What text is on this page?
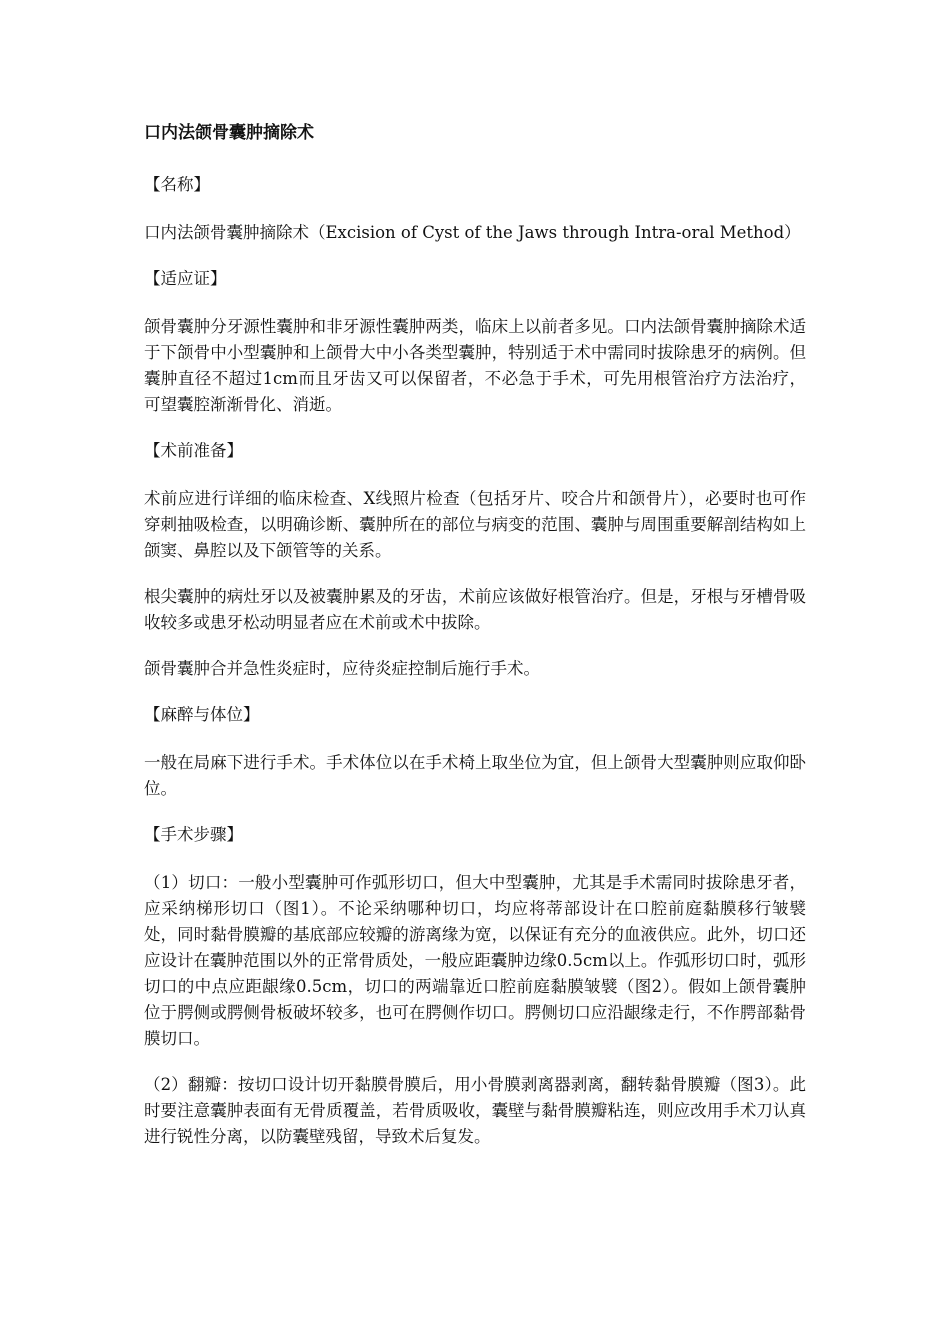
口内法颌骨囊肿摘除术
【名称】
口内法颌骨囊肿摘除术（Excision of Cyst of the Jaws through Intra-oral Method）
【适应证】
颌骨囊肿分牙源性囊肿和非牙源性囊肿两类，临床上以前者多见。口内法颌骨囊肿摘除术适于下颌骨中小型囊肿和上颌骨大中小各类型囊肿，特别适于术中需同时拔除患牙的病例。但囊肿直径不超过1cm而且牙齿又可以保留者，不必急于手术，可先用根管治疗方法治疗，可望囊腔渐渐骨化、消逝。
【术前准备】
术前应进行详细的临床检查、X线照片检查（包括牙片、咬合片和颌骨片），必要时也可作穿刺抽吸检查，以明确诊断、囊肿所在的部位与病变的范围、囊肿与周围重要解剖结构如上颌窦、鼻腔以及下颌管等的关系。
根尖囊肿的病灶牙以及被囊肿累及的牙齿，术前应该做好根管治疗。但是，牙根与牙槽骨吸收较多或患牙松动明显者应在术前或术中拔除。
颌骨囊肿合并急性炎症时，应待炎症控制后施行手术。
【麻醉与体位】
一般在局麻下进行手术。手术体位以在手术椅上取坐位为宜，但上颌骨大型囊肿则应取仰卧位。
【手术步骤】
（1）切口：一般小型囊肿可作弧形切口，但大中型囊肿，尤其是手术需同时拔除患牙者，应采纳梯形切口（图1）。不论采纳哪种切口，均应将蒂部设计在口腔前庭黏膜移行皱襞处，同时黏骨膜瓣的基底部应较瓣的游离缘为宽，以保证有充分的血液供应。此外，切口还应设计在囊肿范围以外的正常骨质处，一般应距囊肿边缘0.5cm以上。作弧形切口时，弧形切口的中点应距龈缘0.5cm，切口的两端靠近口腔前庭黏膜皱襞（图2）。假如上颌骨囊肿位于腭侧或腭侧骨板破坏较多，也可在腭侧作切口。腭侧切口应沿龈缘走行，不作腭部黏骨膜切口。
（2）翻瓣：按切口设计切开黏膜骨膜后，用小骨膜剥离器剥离，翻转黏骨膜瓣（图3）。此时要注意囊肿表面有无骨质覆盖，若骨质吸收，囊壁与黏骨膜瓣粘连，则应改用手术刀认真进行锐性分离，以防囊壁残留，导致术后复发。
